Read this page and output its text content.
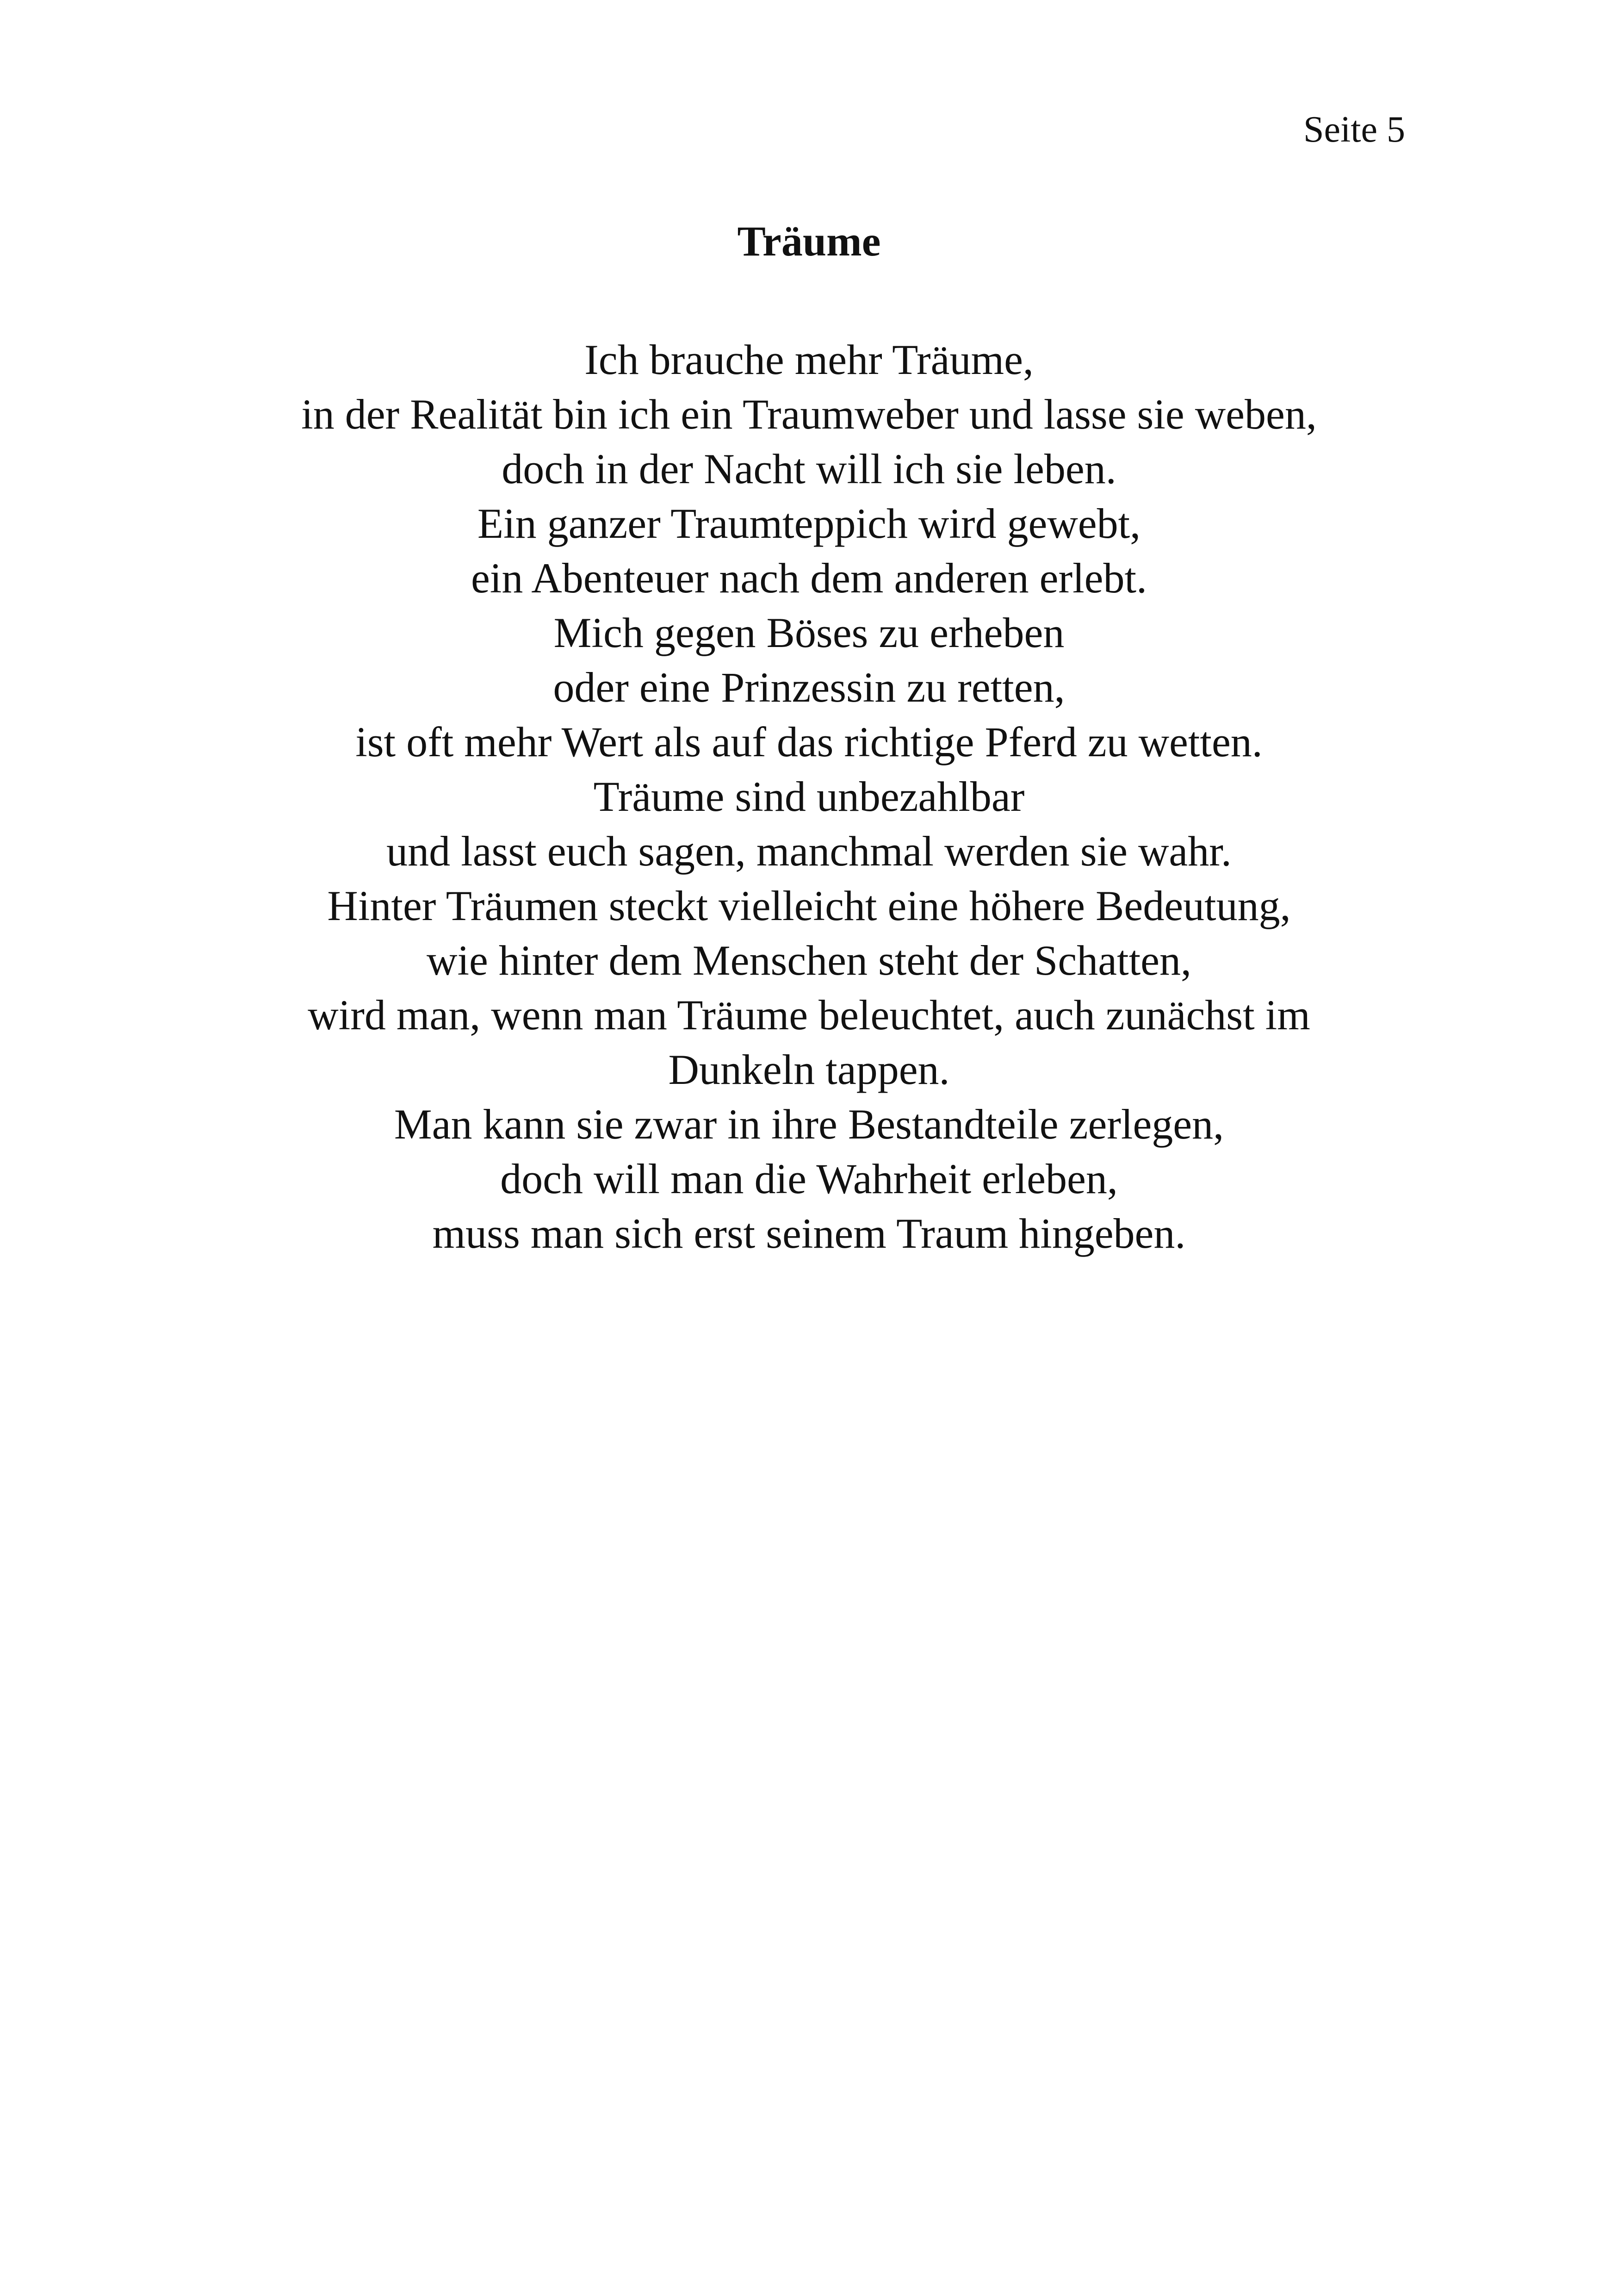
Seite 5
Träume
Ich brauche mehr Träume,
in der Realität bin ich ein Traumweber und lasse sie weben,
doch in der Nacht will ich sie leben.
Ein ganzer Traumteppich wird gewebt,
ein Abenteuer nach dem anderen erlebt.
Mich gegen Böses zu erheben
oder eine Prinzessin zu retten,
ist oft mehr Wert als auf das richtige Pferd zu wetten.
Träume sind unbezahlbar
und lasst euch sagen, manchmal werden sie wahr.
Hinter Träumen steckt vielleicht eine höhere Bedeutung,
wie hinter dem Menschen steht der Schatten,
wird man, wenn man Träume beleuchtet, auch zunächst im
Dunkeln tappen.
Man kann sie zwar in ihre Bestandteile zerlegen,
doch will man die Wahrheit erleben,
muss man sich erst seinem Traum hingeben.
